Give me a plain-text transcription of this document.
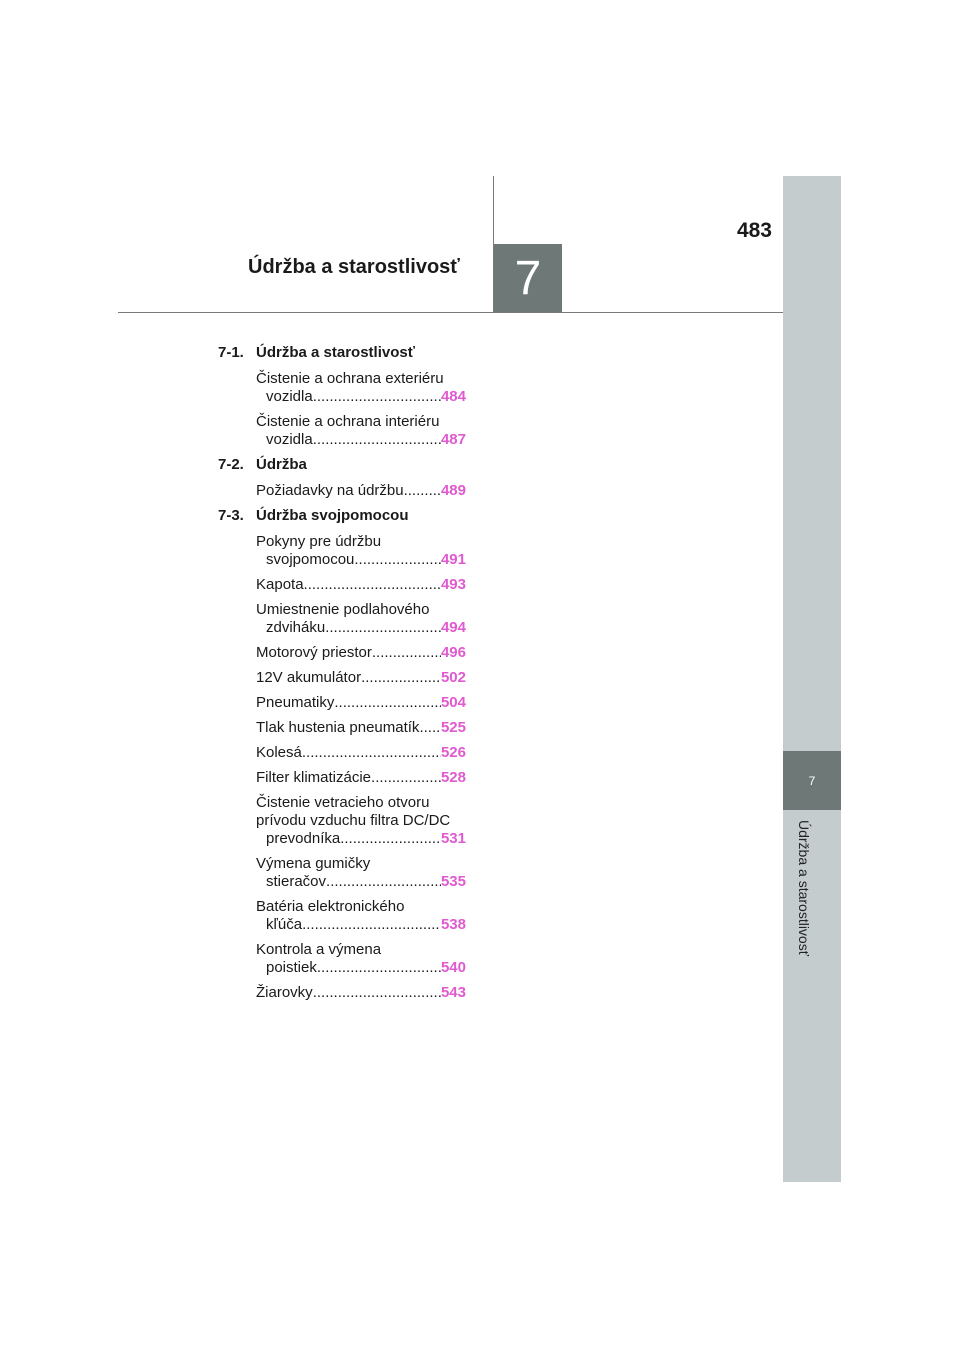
7
Údržba a starostlivosť
483
Údržba a starostlivosť	7
7-1. Údržba a starostlivosť
Čistenie a ochrana exteriéru
vozidla .....	484
Čistenie a ochrana interiéru
vozidla .....	487
7-2. Údržba
Požiadavky na údržbu ..... 489
7-3. Údržba svojpomocou
Pokyny pre údržbu
svojpomocou .....	491
Kapota .....	493
Umiestnenie podlahového
zdviháku .....	494
Motorový priestor .....	496
12V akumulátor .....	502
Pneumatiky .....	504
Tlak hustenia pneumatík ..... 525
Kolesá .....	526
Filter klimatizácie .....	528
Čistenie vetracieho otvoru
prívodu vzduchu filtra DC/DC
prevodníka .....	531
Výmena gumičky
stieračov .....	535
Batéria elektronického
kľúča .....	538
Kontrola a výmena
poistiek .....	540
Žiarovky .....	543
